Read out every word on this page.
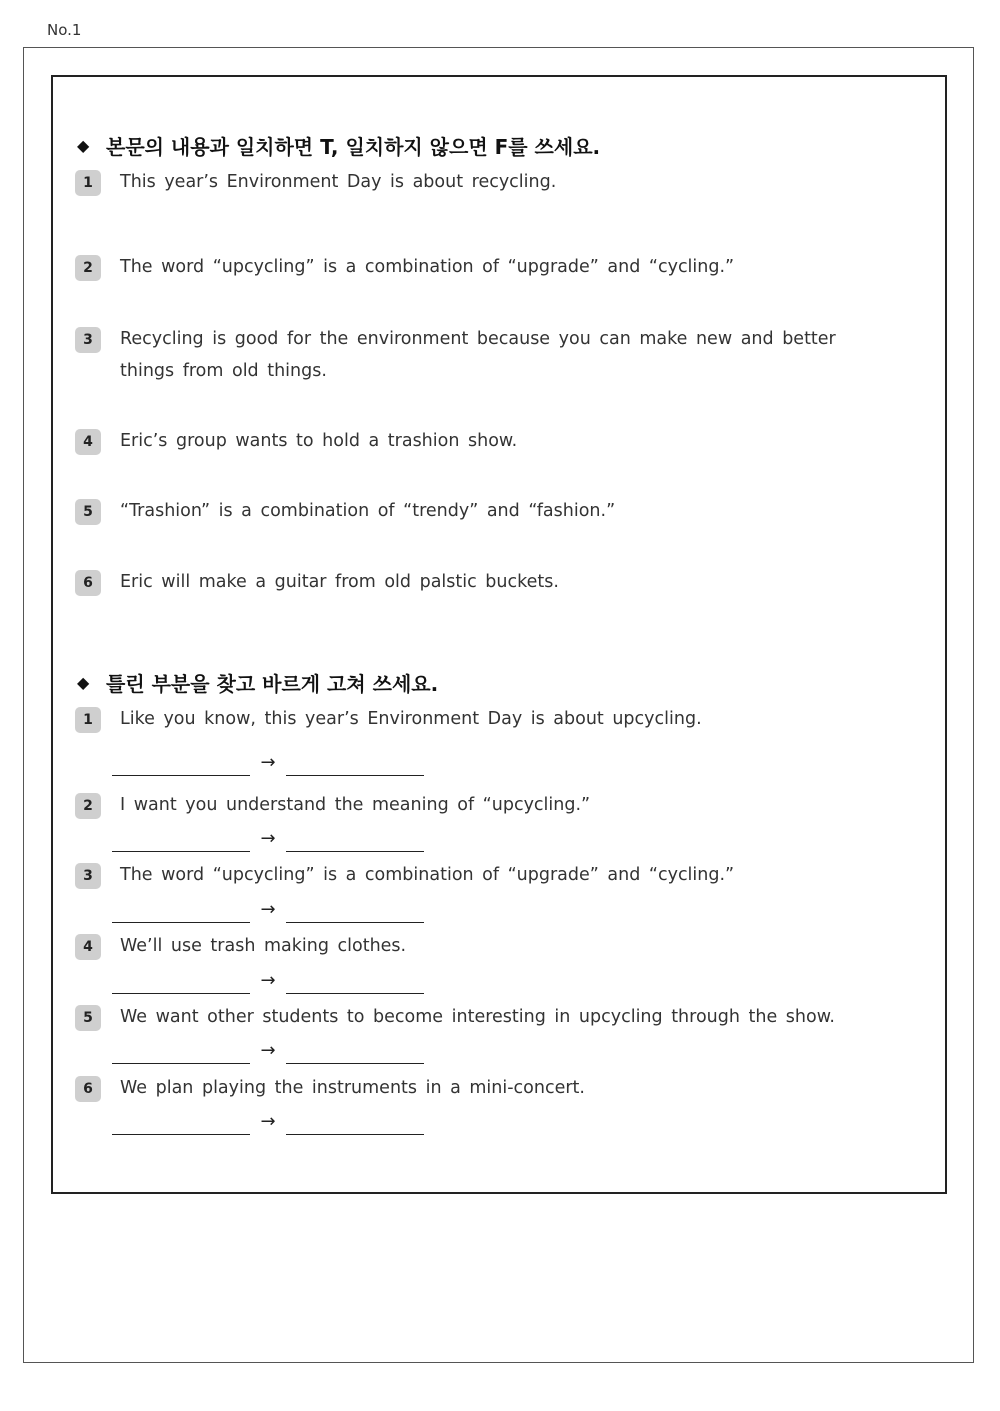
No.1
◆ 본문의 내용과 일치하면 T, 일치하지 않으면 F를 쓰세요.
1	This year’s Environment Day is about recycling.
2	The word “upcycling” is a combination of “upgrade” and “cycling.”
3	Recycling is good for the environment because you can make new and better things from old things.
4	Eric’s group wants to hold a trashion show.
5	“Trashion” is a combination of “trendy” and “fashion.”
6	Eric will make a guitar from old palstic buckets.
◆ 틀린 부분을 찾고 바르게 고쳐 쓰세요.
1	Like you know, this year’s Environment Day is about upcycling.
→
2	I want you understand the meaning of “upcycling.”
→
3	The word “upcycling” is a combination of “upgrade” and “cycling.”
→
4	We’ll use trash making clothes.
→
5	We want other students to become interesting in upcycling through the show.
→
6	We plan playing the instruments in a mini-concert.
→
